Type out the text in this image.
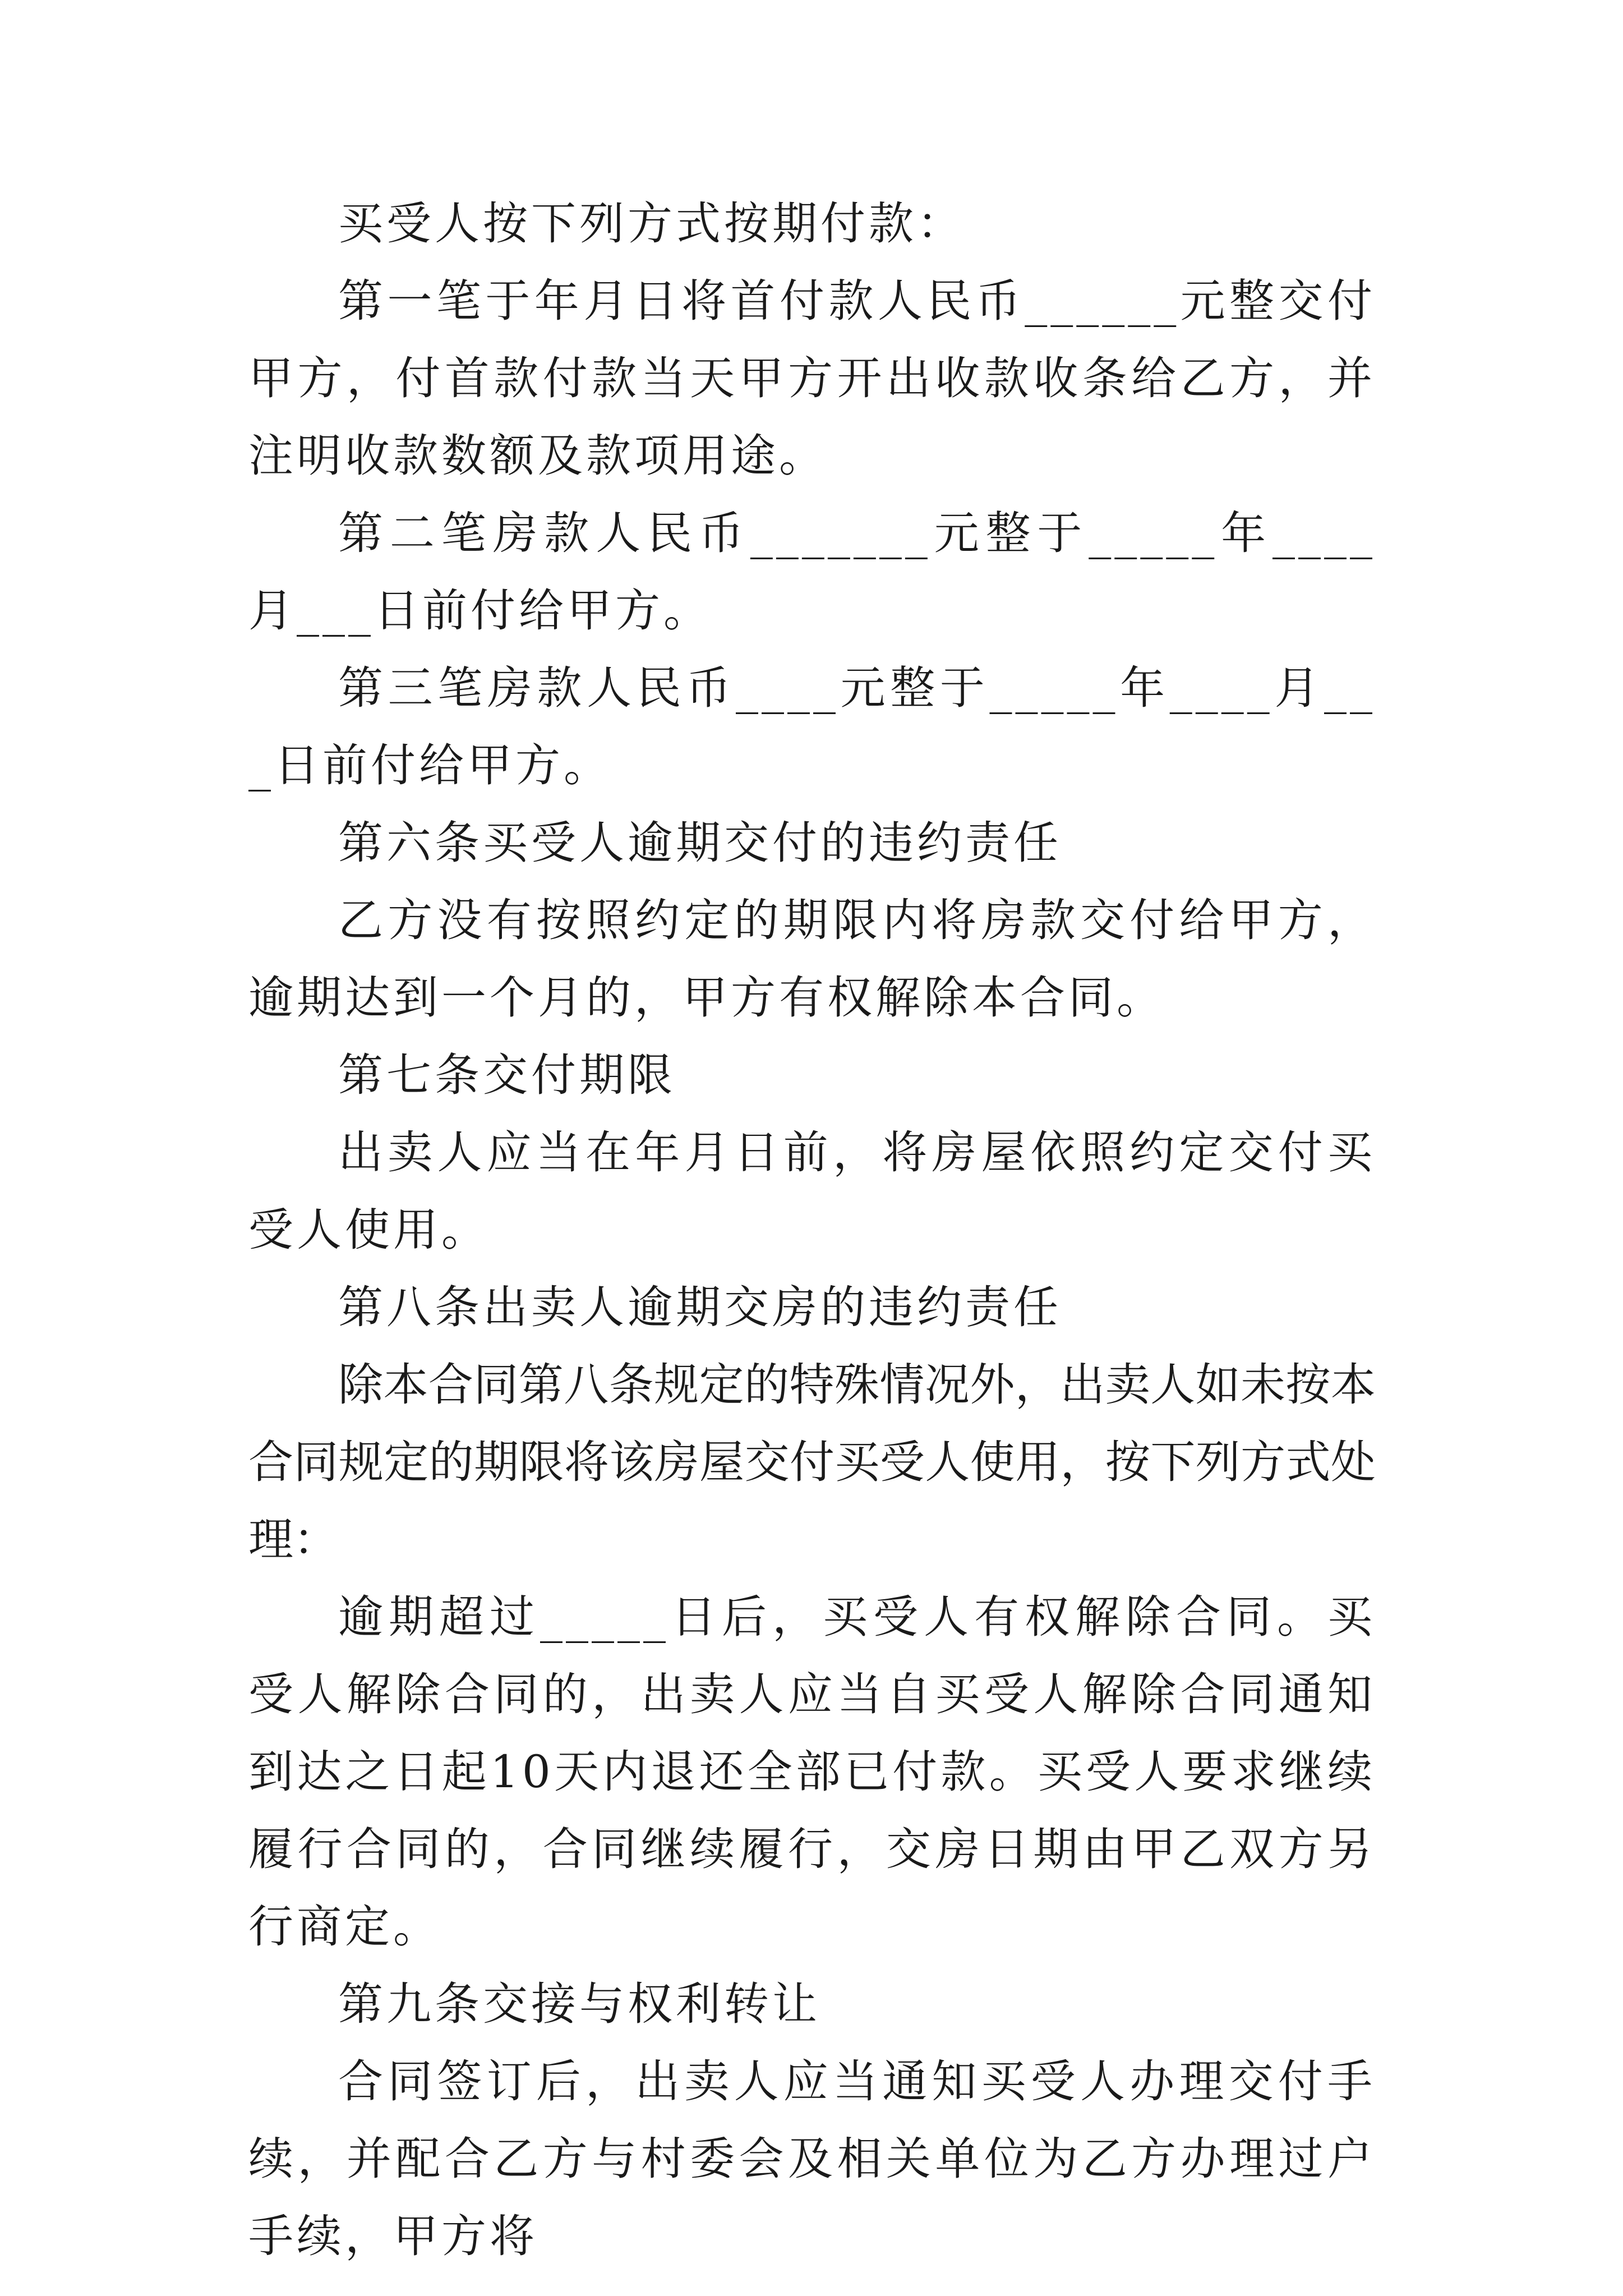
买受人按下列方式按期付款：

第一笔于年月日将首付款人民币______元整交付甲方，付首款付款当天甲方开出收款收条给乙方，并注明收款数额及款项用途。

第二笔房款人民币_______元整于_____年____月___日前付给甲方。

第三笔房款人民币____元整于_____年____月___日前付给甲方。

第六条买受人逾期交付的违约责任

乙方没有按照约定的期限内将房款交付给甲方，逾期达到一个月的，甲方有权解除本合同。

第七条交付期限

出卖人应当在年月日前，将房屋依照约定交付买受人使用。

第八条出卖人逾期交房的违约责任

除本合同第八条规定的特殊情况外，出卖人如未按本合同规定的期限将该房屋交付买受人使用，按下列方式处理：

逾期超过_____日后，买受人有权解除合同。买受人解除合同的，出卖人应当自买受人解除合同通知到达之日起10天内退还全部已付款。买受人要求继续履行合同的，合同继续履行，交房日期由甲乙双方另行商定。

第九条交接与权利转让

合同签订后，出卖人应当通知买受人办理交付手续，并配合乙方与村委会及相关单位为乙方办理过户手续，甲方将
